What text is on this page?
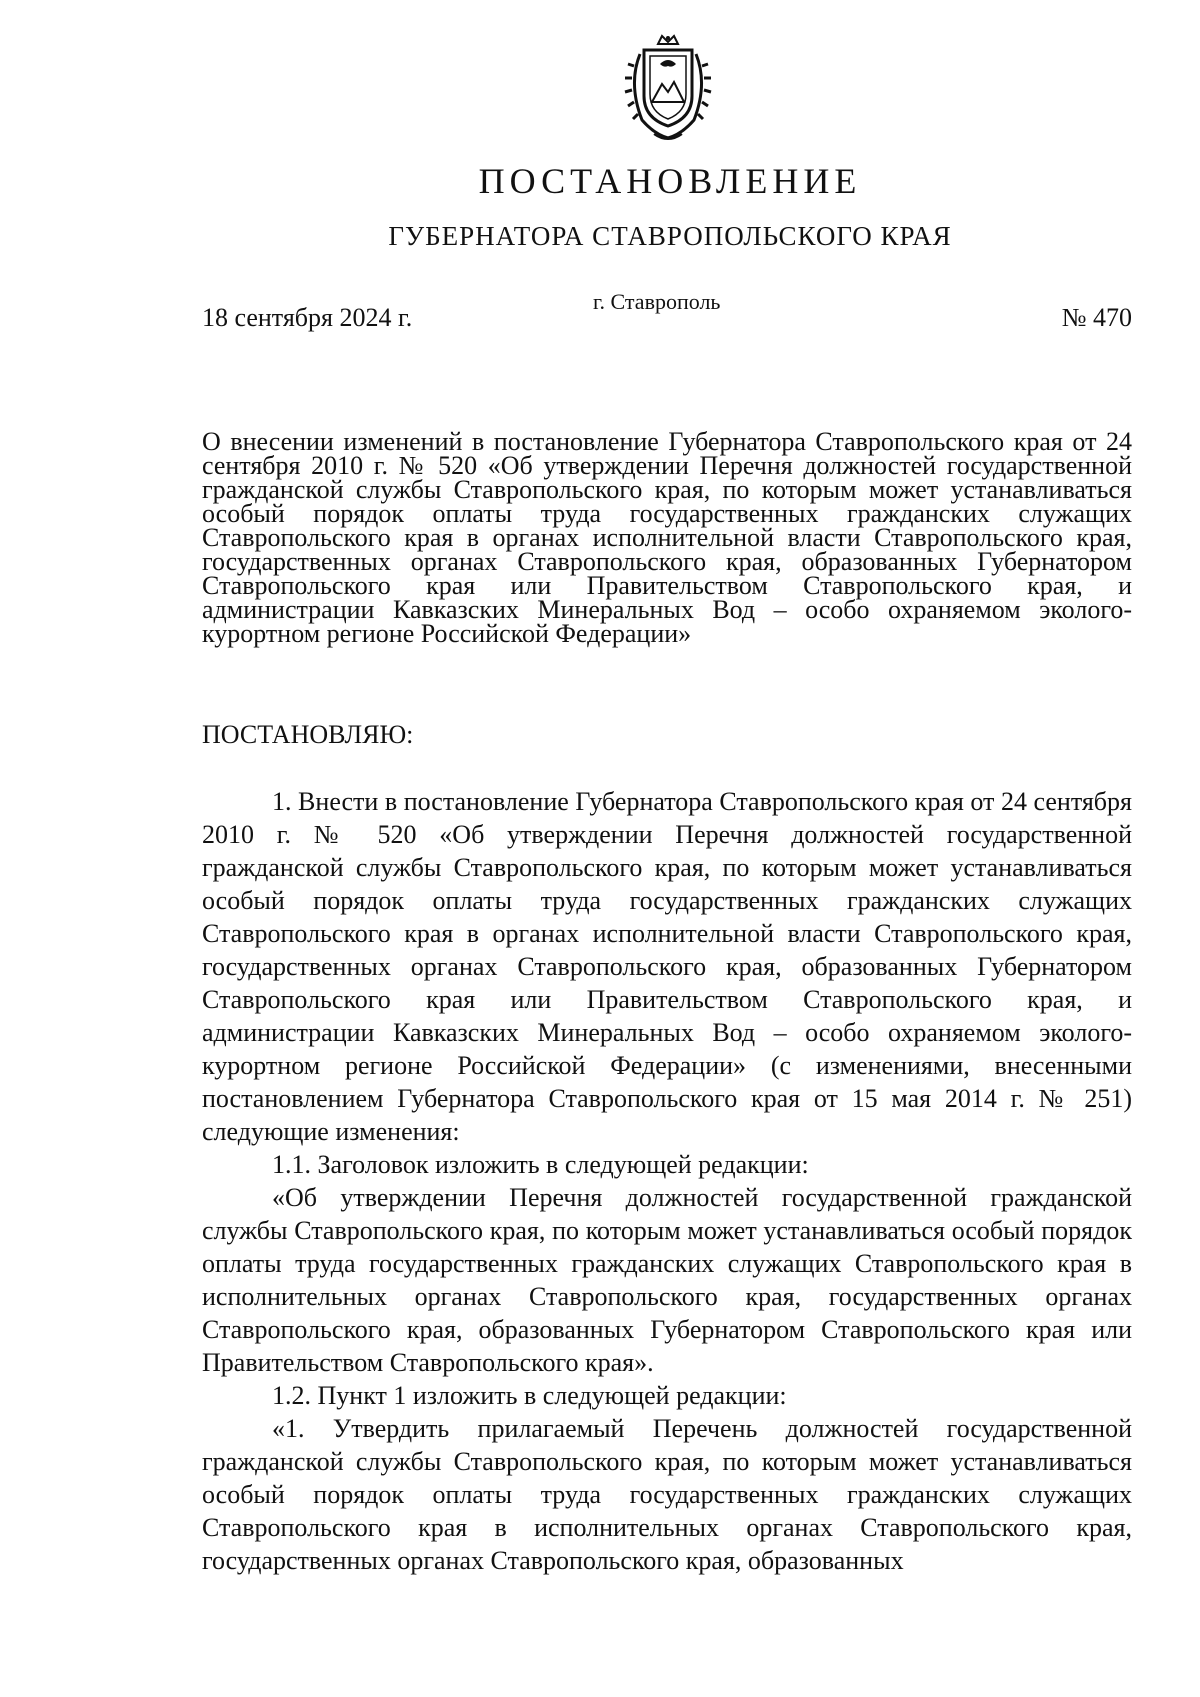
ПОСТАНОВЛЕНИЕ
ГУБЕРНАТОРА СТАВРОПОЛЬСКОГО КРАЯ
18 сентября 2024 г.
г. Ставрополь
№ 470
О внесении изменений в постановление Губернатора Ставропольского края от 24 сентября 2010 г. № 520 «Об утверждении Перечня должностей государственной гражданской службы Ставропольского края, по которым может устанавливаться особый порядок оплаты труда государственных гражданских служащих Ставропольского края в органах исполнительной власти Ставропольского края, государственных органах Ставропольского края, образованных Губернатором Ставропольского края или Правительством Ставропольского края, и администрации Кавказских Минеральных Вод – особо охраняемом эколого-курортном регионе Российской Федерации»
ПОСТАНОВЛЯЮ:

1. Внести в постановление Губернатора Ставропольского края от 24 сентября 2010 г. № 520 «Об утверждении Перечня должностей государственной гражданской службы Ставропольского края, по которым может устанавливаться особый порядок оплаты труда государственных гражданских служащих Ставропольского края в органах исполнительной власти Ставропольского края, государственных органах Ставропольского края, образованных Губернатором Ставропольского края или Правительством Ставропольского края, и администрации Кавказских Минеральных Вод – особо охраняемом эколого-курортном регионе Российской Федерации» (с изменениями, внесенными постановлением Губернатора Ставропольского края от 15 мая 2014 г. № 251) следующие изменения:

1.1. Заголовок изложить в следующей редакции:

«Об утверждении Перечня должностей государственной гражданской службы Ставропольского края, по которым может устанавливаться особый порядок оплаты труда государственных гражданских служащих Ставропольского края в исполнительных органах Ставропольского края, государственных органах Ставропольского края, образованных Губернатором Ставропольского края или Правительством Ставропольского края».

1.2. Пункт 1 изложить в следующей редакции:

«1. Утвердить прилагаемый Перечень должностей государственной гражданской службы Ставропольского края, по которым может устанавливаться особый порядок оплаты труда государственных гражданских служащих Ставропольского края в исполнительных органах Ставропольского края, государственных органах Ставропольского края, образованных
